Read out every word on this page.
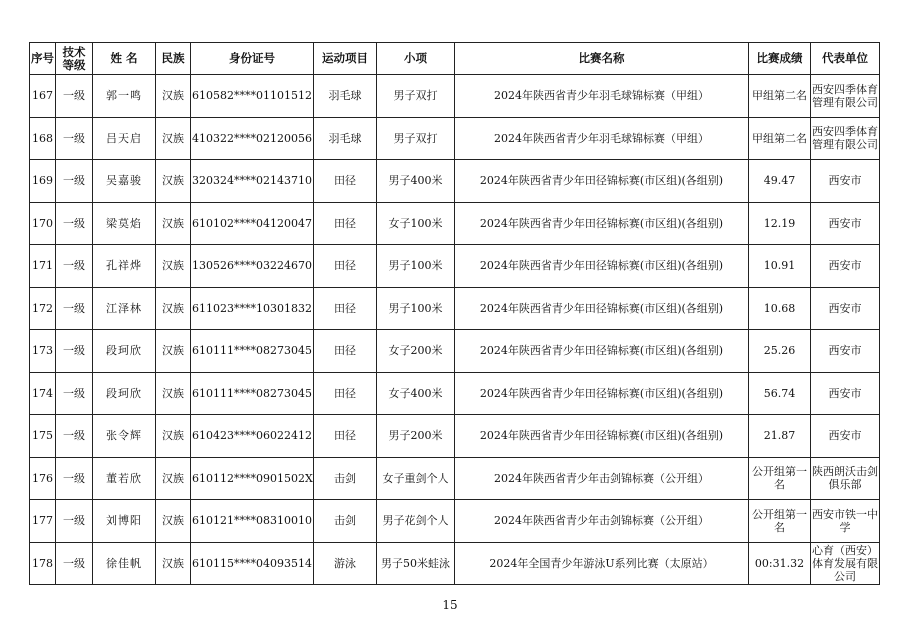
序号	技术等级	姓 名	民族	身份证号	运动项目	小项	比赛名称	比赛成绩	代表单位
167	一级	郭一鸣	汉族	610582****01101512	羽毛球	男子双打	2024年陕西省青少年羽毛球锦标赛（甲组）	甲组第二名	西安四季体育管理有限公司
168	一级	吕天启	汉族	410322****02120056	羽毛球	男子双打	2024年陕西省青少年羽毛球锦标赛（甲组）	甲组第二名	西安四季体育管理有限公司
169	一级	吴嘉骏	汉族	320324****02143710	田径	男子400米	2024年陕西省青少年田径锦标赛(市区组)(各组别)	49.47	西安市
170	一级	梁莫焰	汉族	610102****04120047	田径	女子100米	2024年陕西省青少年田径锦标赛(市区组)(各组别)	12.19	西安市
171	一级	孔祥烨	汉族	130526****03224670	田径	男子100米	2024年陕西省青少年田径锦标赛(市区组)(各组别)	10.91	西安市
172	一级	江泽林	汉族	611023****10301832	田径	男子100米	2024年陕西省青少年田径锦标赛(市区组)(各组别)	10.68	西安市
173	一级	段珂欣	汉族	610111****08273045	田径	女子200米	2024年陕西省青少年田径锦标赛(市区组)(各组别)	25.26	西安市
174	一级	段珂欣	汉族	610111****08273045	田径	女子400米	2024年陕西省青少年田径锦标赛(市区组)(各组别)	56.74	西安市
175	一级	张令辉	汉族	610423****06022412	田径	男子200米	2024年陕西省青少年田径锦标赛(市区组)(各组别)	21.87	西安市
176	一级	董若欣	汉族	610112****0901502X	击剑	女子重剑个人	2024年陕西省青少年击剑锦标赛（公开组）	公开组第一名	陕西朗沃击剑俱乐部
177	一级	刘博阳	汉族	610121****08310010	击剑	男子花剑个人	2024年陕西省青少年击剑锦标赛（公开组）	公开组第一名	西安市铁一中学
178	一级	徐佳帆	汉族	610115****04093514	游泳	男子50米蛙泳	2024年全国青少年游泳U系列比赛（太原站）	00:31.32	心育（西安）体育发展有限公司
15
